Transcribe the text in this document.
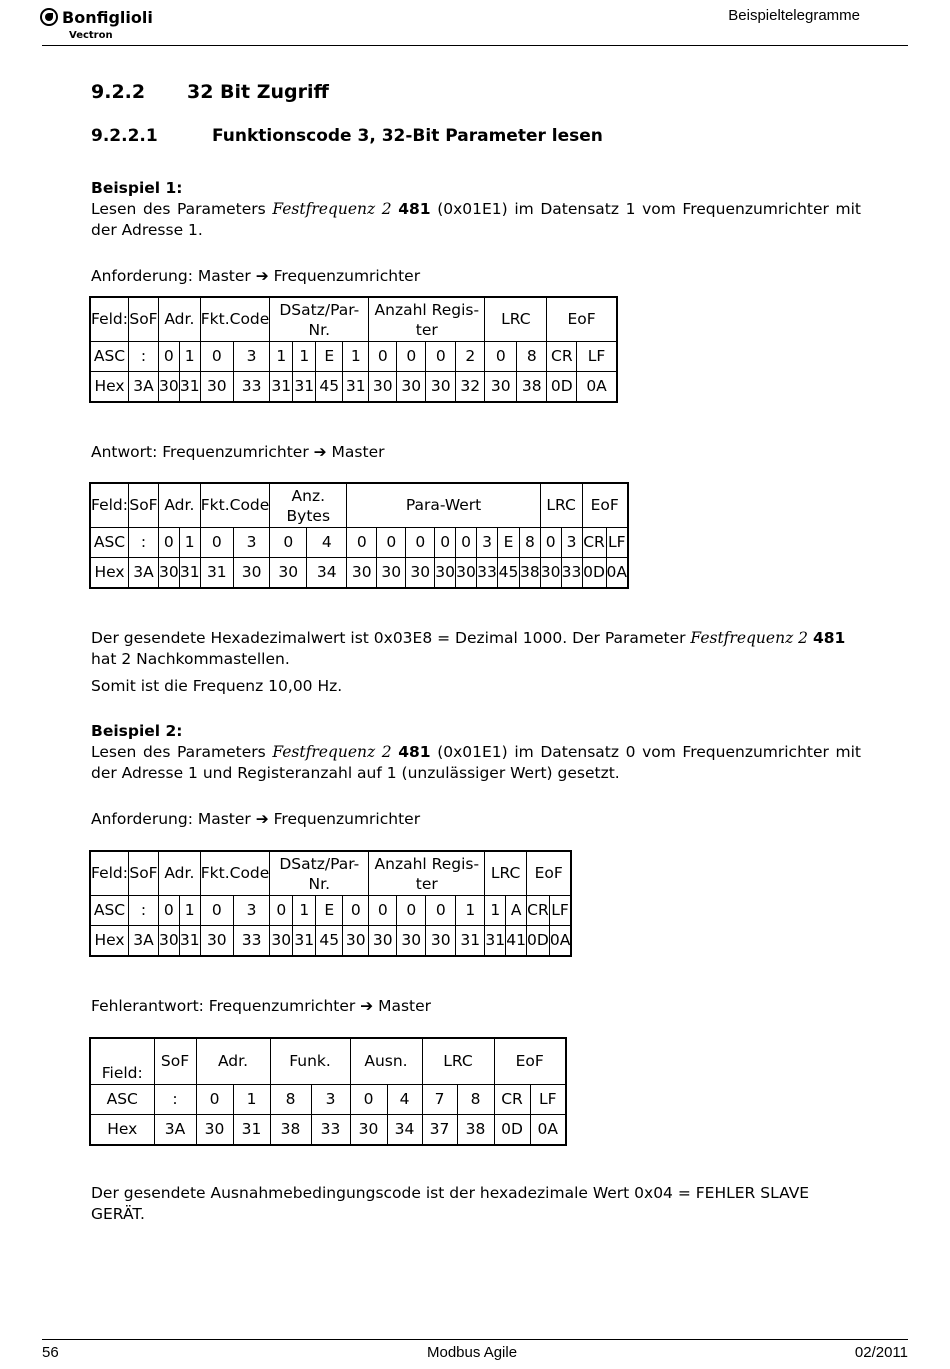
Bonfiglioli
Vectron
Beispieltelegramme
9.2.2 32 Bit Zugriff
9.2.2.1	Funktionscode 3, 32-Bit Parameter lesen
Beispiel 1:
Lesen des Parameters Festfrequenz 2 481 (0x01E1) im Datensatz 1 vom Frequenzumrichter mit der Adresse 1.
Anforderung: Master ➔ Frequenzumrichter
Feld:	SoF	Adr.		Fkt.Code		DSatz/Par-Nr.				Anzahl Regis-ter				LRC		EoF	
ASC	:	0	1	0	3	1	1	E	1	0	0	0	2	0	8	CR	LF
Hex	3A	30	31	30	33	31	31	45	31	30	30	30	32	30	38	0D	0A
Antwort: Frequenzumrichter ➔ Master
Feld:	SoF	Adr.		Fkt.Code		Anz. Bytes		Para-Wert								LRC		EoF	
ASC	:	0	1	0	3	0	4	0	0	0	0	0	3	E	8	0	3	CR	LF
Hex	3A	30	31	31	30	30	34	30	30	30	30	30	33	45	38	30	33	0D	0A
Der gesendete Hexadezimalwert ist 0x03E8 = Dezimal 1000. Der Parameter Festfrequenz 2 481 hat 2 Nachkommastellen.
Somit ist die Frequenz 10,00 Hz.
Beispiel 2:
Lesen des Parameters Festfrequenz 2 481 (0x01E1) im Datensatz 0 vom Frequenzumrichter mit der Adresse 1 und Registeranzahl auf 1 (unzulässiger Wert) gesetzt.
Anforderung: Master ➔ Frequenzumrichter
Feld:	SoF	Adr.		Fkt.Code		DSatz/Par-Nr.				Anzahl Regis-ter				LRC		EoF	
ASC	:	0	1	0	3	0	1	E	0	0	0	0	1	1	A	CR	LF
Hex	3A	30	31	30	33	30	31	45	30	30	30	30	31	31	41	0D	0A
Fehlerantwort: Frequenzumrichter ➔ Master
Field:	SoF	Adr.		Funk.		Ausn.		LRC		EoF	
ASC	:	0	1	8	3	0	4	7	8	CR	LF
Hex	3A	30	31	38	33	30	34	37	38	0D	0A
Der gesendete Ausnahmebedingungscode ist der hexadezimale Wert 0x04 = FEHLER SLAVE GERÄT.
56	Modbus Agile	02/2011
